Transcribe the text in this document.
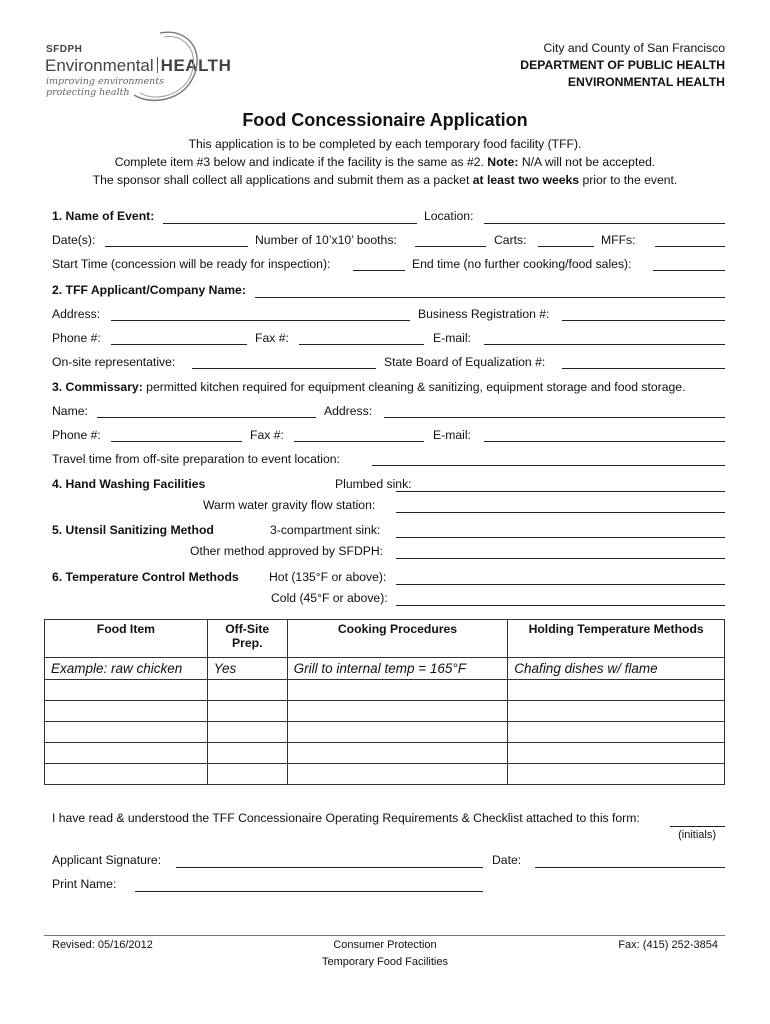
SFDPH
Environmental HEALTH
improving environments
protecting health
City and County of San Francisco
DEPARTMENT OF PUBLIC HEALTH
ENVIRONMENTAL HEALTH
Food Concessionaire Application
This application is to be completed by each temporary food facility (TFF).
Complete item #3 below and indicate if the facility is the same as #2. Note: N/A will not be accepted.
The sponsor shall collect all applications and submit them as a packet at least two weeks prior to the event.
1. Name of Event:	Location:
Date(s):	Number of 10’x10’ booths:	Carts:	MFFs:
Start Time (concession will be ready for inspection):	End time (no further cooking/food sales):
2. TFF Applicant/Company Name:
Address:	Business Registration #:
Phone #:	Fax #:	E-mail:
On-site representative:	State Board of Equalization #:
3. Commissary: permitted kitchen required for equipment cleaning & sanitizing, equipment storage and food storage.
Name:	Address:
Phone #:	Fax #:	E-mail:
Travel time from off-site preparation to event location:
4. Hand Washing Facilities	Plumbed sink:
Warm water gravity flow station:
5. Utensil Sanitizing Method	3-compartment sink:
Other method approved by SFDPH:
6. Temperature Control Methods Hot (135°F or above):
Cold (45°F or above):
Food Item	Off-Site Prep.	Cooking Procedures	Holding Temperature Methods
Example: raw chicken	Yes	Grill to internal temp = 165°F	Chafing dishes w/ flame

I have read & understood the TFF Concessionaire Operating Requirements & Checklist attached to this form:
(initials)
Applicant Signature:	Date:
Print Name:
Revised: 05/16/2012	Consumer Protection
Temporary Food Facilities
Fax: (415) 252-3854
